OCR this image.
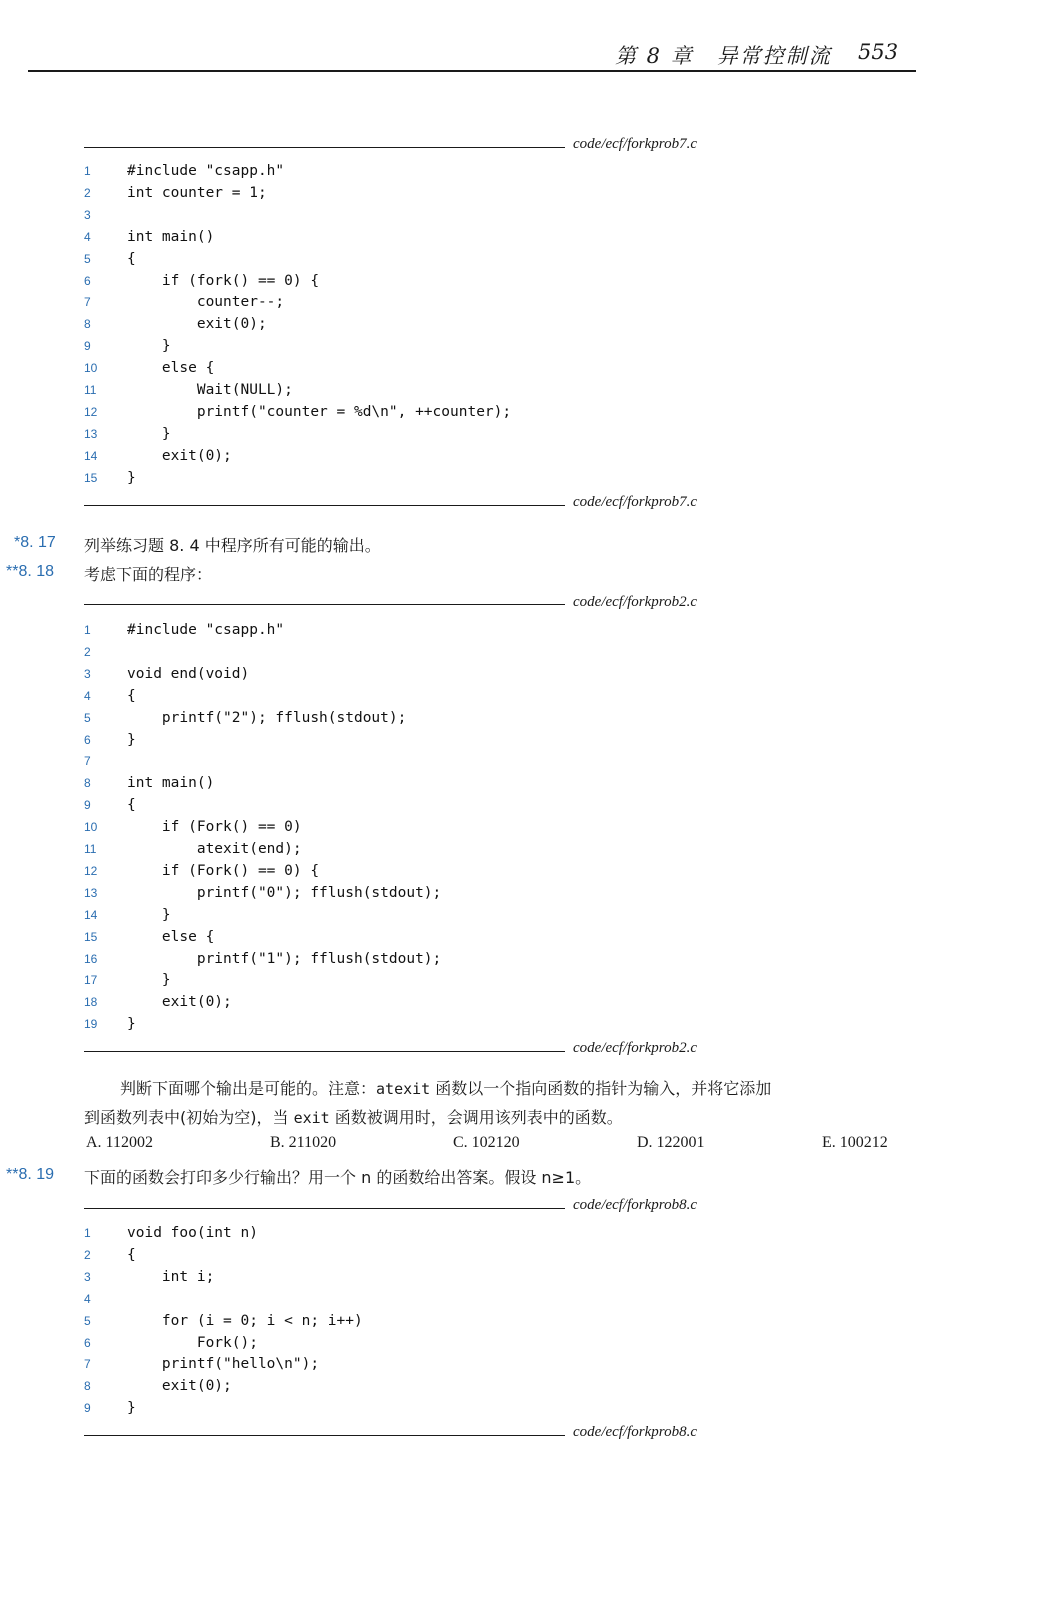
第 8 章　异常控制流 553
code/ecf/forkprob7.c
code/ecf/forkprob7.c
*8. 17 列举练习题 8. 4 中程序所有可能的输出。
**8. 18 考虑下面的程序：
code/ecf/forkprob2.c
code/ecf/forkprob2.c
判断下面哪个输出是可能的。注意：atexit 函数以一个指向函数的指针为输入，并将它添加
到函数列表中(初始为空)，当 exit 函数被调用时，会调用该列表中的函数。
A. 112002	B. 211020	C. 102120	D. 122001	E. 100212
**8. 19 下面的函数会打印多少行输出？用一个 n 的函数给出答案。假设 n≥1。
code/ecf/forkprob8.c
code/ecf/forkprob8.c
1	#include "csapp.h"
2	int counter = 1;
3
4	int main()
5	{
6	if (fork() == 0) {
7	counter--;
8	exit(0);
9	}
10	else {
11	Wait(NULL);
12	printf("counter = %d\n", ++counter);
13	}
14	exit(0);
15	}
1	#include "csapp.h"
2
3	void end(void)
4	{
5	printf("2"); fflush(stdout);
6	}
7
8	int main()
9	{
10	if (Fork() == 0)
11	atexit(end);
12	if (Fork() == 0) {
13	printf("0"); fflush(stdout);
14	}
15	else {
16	printf("1"); fflush(stdout);
17	}
18	exit(0);
19	}
1	void foo(int n)
2	{
3	int i;
4
5	for (i = 0; i < n; i++)
6	Fork();
7	printf("hello\n");
8	exit(0);
9	}
